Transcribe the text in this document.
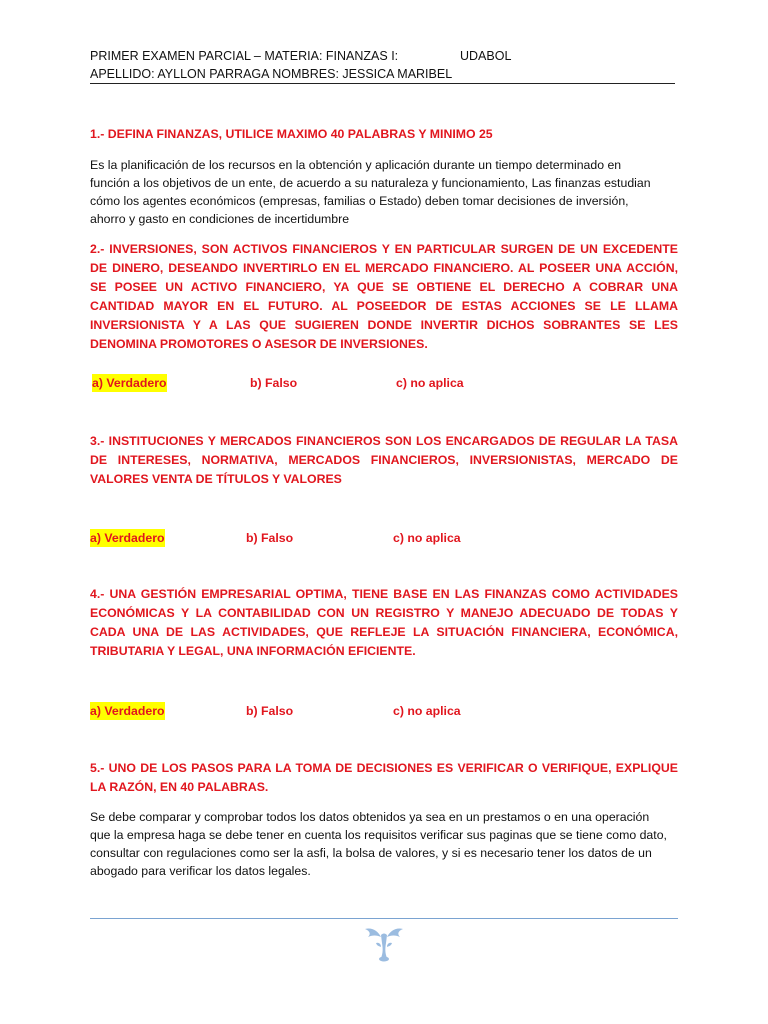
PRIMER EXAMEN PARCIAL – MATERIA: FINANZAS I:	UDABOL
APELLIDO: AYLLON PARRAGA NOMBRES: JESSICA MARIBEL
1.- DEFINA FINANZAS, UTILICE MAXIMO 40 PALABRAS Y MINIMO 25
Es la planificación de los recursos en la obtención y aplicación durante un tiempo determinado en
función a los objetivos de un ente, de acuerdo a su naturaleza y funcionamiento, Las finanzas estudian
cómo los agentes económicos (empresas, familias o Estado) deben tomar decisiones de inversión,
ahorro y gasto en condiciones de incertidumbre
2.- INVERSIONES, SON ACTIVOS FINANCIEROS Y EN PARTICULAR SURGEN DE UN EXCEDENTE DE DINERO, DESEANDO INVERTIRLO EN EL MERCADO FINANCIERO. AL POSEER UNA ACCIÓN, SE POSEE UN ACTIVO FINANCIERO, YA QUE SE OBTIENE EL DERECHO A COBRAR UNA CANTIDAD MAYOR EN EL FUTURO. AL POSEEDOR DE ESTAS ACCIONES SE LE LLAMA INVERSIONISTA Y A LAS QUE SUGIEREN DONDE INVERTIR DICHOS SOBRANTES SE LES DENOMINA PROMOTORES O ASESOR DE INVERSIONES.
a) Verdadero	b) Falso	c) no aplica
3.- INSTITUCIONES Y MERCADOS FINANCIEROS SON LOS ENCARGADOS DE REGULAR LA TASA DE INTERESES, NORMATIVA, MERCADOS FINANCIEROS, INVERSIONISTAS, MERCADO DE VALORES VENTA DE TÍTULOS Y VALORES
a) Verdadero	b) Falso	c) no aplica
4.- UNA GESTIÓN EMPRESARIAL OPTIMA, TIENE BASE EN LAS FINANZAS COMO ACTIVIDADES ECONÓMICAS Y LA CONTABILIDAD CON UN REGISTRO Y MANEJO ADECUADO DE TODAS Y CADA UNA DE LAS ACTIVIDADES, QUE REFLEJE LA SITUACIÓN FINANCIERA, ECONÓMICA, TRIBUTARIA Y LEGAL, UNA INFORMACIÓN EFICIENTE.
a) Verdadero	b) Falso	c) no aplica
5.- UNO DE LOS PASOS PARA LA TOMA DE DECISIONES ES VERIFICAR O VERIFIQUE, EXPLIQUE LA RAZÓN, EN 40 PALABRAS.
Se debe comparar y comprobar todos los datos obtenidos ya sea en un prestamos o en una operación
que la empresa haga se debe tener en cuenta los requisitos verificar sus paginas que se tiene como dato,
consultar con regulaciones como ser la asfi, la bolsa de valores, y si es necesario tener los datos de un
abogado para verificar los datos legales.
